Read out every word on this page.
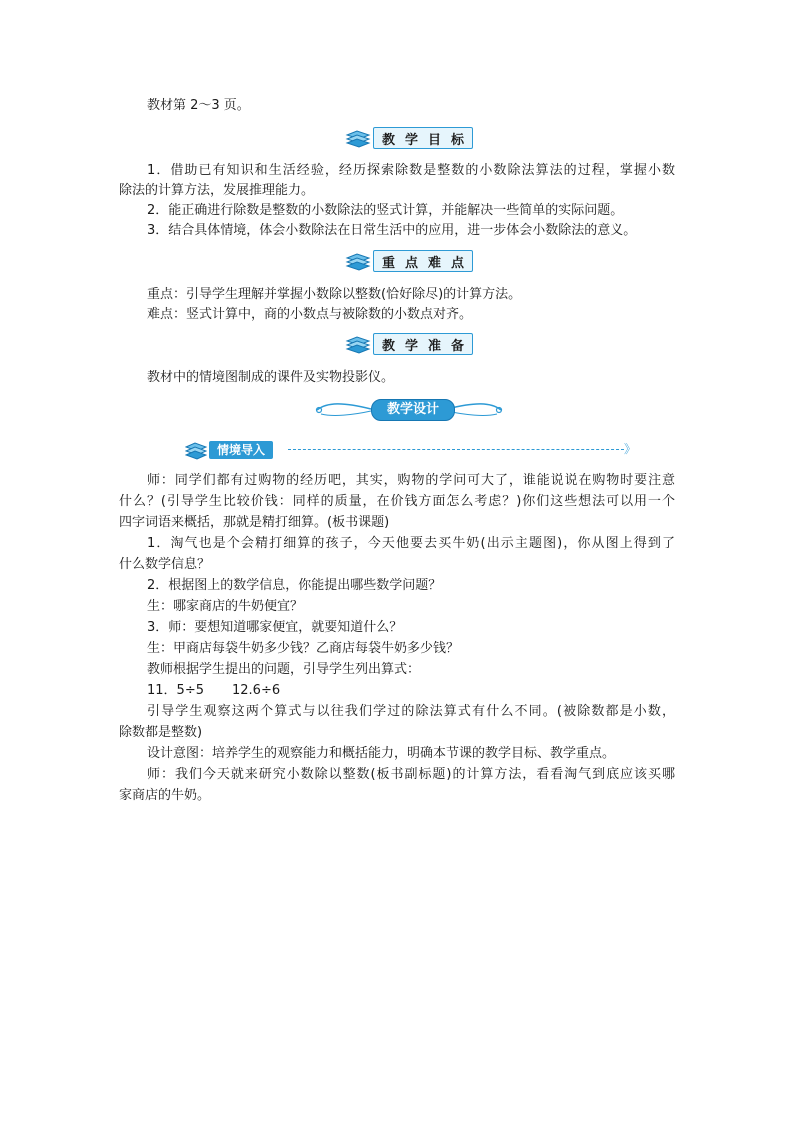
教材第 2～3 页。
教 学 目 标
1．借助已有知识和生活经验，经历探索除数是整数的小数除法算法的过程，掌握小数
除法的计算方法，发展推理能力。
2．能正确进行除数是整数的小数除法的竖式计算，并能解决一些简单的实际问题。
3．结合具体情境，体会小数除法在日常生活中的应用，进一步体会小数除法的意义。
重 点 难 点
重点：引导学生理解并掌握小数除以整数(恰好除尽)的计算方法。
难点：竖式计算中，商的小数点与被除数的小数点对齐。
教 学 准 备
教材中的情境图制成的课件及实物投影仪。
教学设计
情境导入	》
师：同学们都有过购物的经历吧，其实，购物的学问可大了，谁能说说在购物时要注意
什么？(引导学生比较价钱：同样的质量，在价钱方面怎么考虑？)你们这些想法可以用一个
四字词语来概括，那就是精打细算。(板书课题)
1．淘气也是个会精打细算的孩子，今天他要去买牛奶(出示主题图)，你从图上得到了
什么数学信息？
2．根据图上的数学信息，你能提出哪些数学问题？
生：哪家商店的牛奶便宜？
3．师：要想知道哪家便宜，就要知道什么？
生：甲商店每袋牛奶多少钱？乙商店每袋牛奶多少钱？
教师根据学生提出的问题，引导学生列出算式：
11．5÷5 12.6÷6
引导学生观察这两个算式与以往我们学过的除法算式有什么不同。(被除数都是小数，
除数都是整数)
设计意图：培养学生的观察能力和概括能力，明确本节课的教学目标、教学重点。
师：我们今天就来研究小数除以整数(板书副标题)的计算方法，看看淘气到底应该买哪
家商店的牛奶。
